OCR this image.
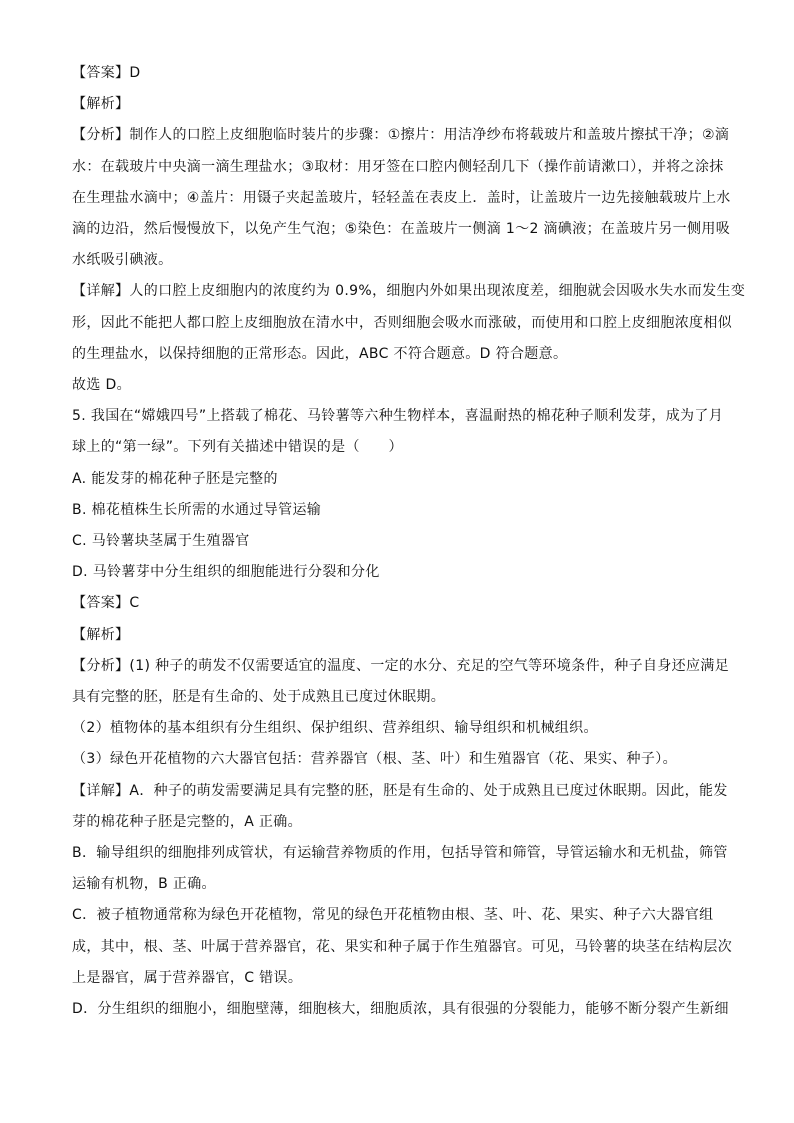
【答案】D
【解析】
【分析】制作人的口腔上皮细胞临时装片的步骤：①擦片：用洁净纱布将载玻片和盖玻片擦拭干净；②滴
水：在载玻片中央滴一滴生理盐水；③取材：用牙签在口腔内侧轻刮几下（操作前请漱口），并将之涂抹
在生理盐水滴中；④盖片：用镊子夹起盖玻片，轻轻盖在表皮上．盖时，让盖玻片一边先接触载玻片上水
滴的边沿，然后慢慢放下，以免产生气泡；⑤染色：在盖玻片一侧滴 1～2 滴碘液；在盖玻片另一侧用吸
水纸吸引碘液。
【详解】人的口腔上皮细胞内的浓度约为 0.9%，细胞内外如果出现浓度差，细胞就会因吸水失水而发生变
形，因此不能把人都口腔上皮细胞放在清水中，否则细胞会吸水而涨破，而使用和口腔上皮细胞浓度相似
的生理盐水，以保持细胞的正常形态。因此，ABC 不符合题意。D 符合题意。
故选 D。
5. 我国在“嫦娥四号”上搭载了棉花、马铃薯等六种生物样本，喜温耐热的棉花种子顺利发芽，成为了月
球上的“第一绿”。下列有关描述中错误的是（　　）
A. 能发芽的棉花种子胚是完整的
B. 棉花植株生长所需的水通过导管运输
C. 马铃薯块茎属于生殖器官
D. 马铃薯芽中分生组织的细胞能进行分裂和分化
【答案】C
【解析】
【分析】(1) 种子的萌发不仅需要适宜的温度、一定的水分、充足的空气等环境条件，种子自身还应满足
具有完整的胚，胚是有生命的、处于成熟且已度过休眠期。
（2）植物体的基本组织有分生组织、保护组织、营养组织、输导组织和机械组织。
（3）绿色开花植物的六大器官包括：营养器官（根、茎、叶）和生殖器官（花、果实、种子）。
【详解】A．种子的萌发需要满足具有完整的胚，胚是有生命的、处于成熟且已度过休眠期。因此，能发
芽的棉花种子胚是完整的，A 正确。
B．输导组织的细胞排列成管状，有运输营养物质的作用，包括导管和筛管，导管运输水和无机盐，筛管
运输有机物，B 正确。
C．被子植物通常称为绿色开花植物，常见的绿色开花植物由根、茎、叶、花、果实、种子六大器官组
成，其中，根、茎、叶属于营养器官，花、果实和种子属于作生殖器官。可见，马铃薯的块茎在结构层次
上是器官，属于营养器官，C 错误。
D．分生组织的细胞小，细胞壁薄，细胞核大，细胞质浓，具有很强的分裂能力，能够不断分裂产生新细
